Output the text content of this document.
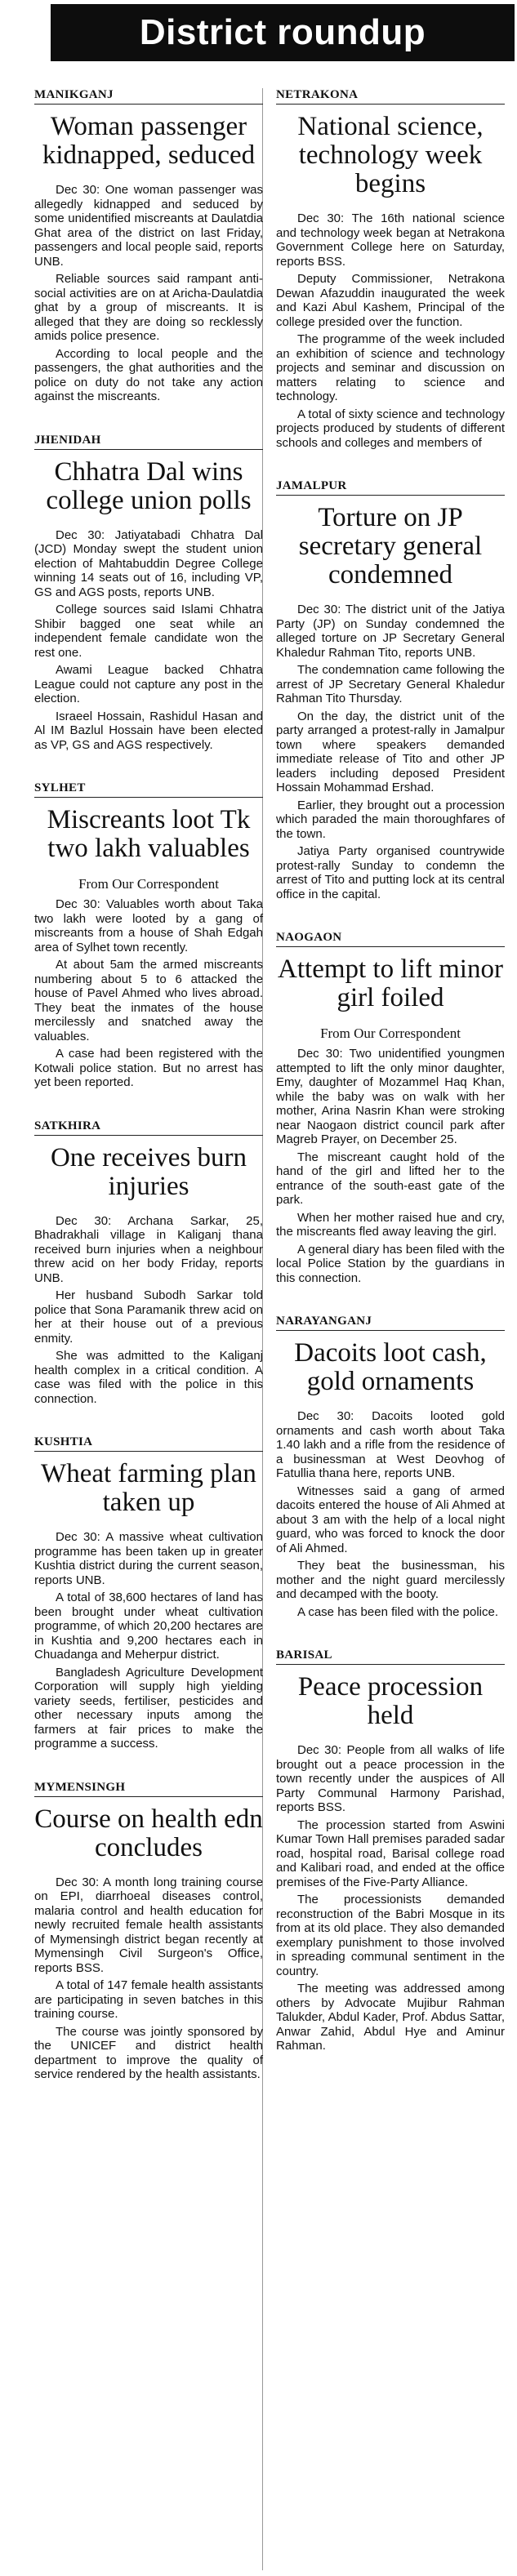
District roundup
MANIKGANJ
Woman passenger kidnapped, seduced

Dec 30: One woman passenger was allegedly kidnapped and seduced by some unidentified miscreants at Daulatdia Ghat area of the district on last Friday, passengers and local people said, reports UNB.

Reliable sources said rampant anti-social activities are on at Aricha-Daulatdia ghat by a group of miscreants. It is alleged that they are doing so recklessly amids police presence.

According to local people and the passengers, the ghat authorities and the police on duty do not take any action against the miscreants.

JHENIDAH
Chhatra Dal wins college union polls

Dec 30: Jatiyatabadi Chhatra Dal (JCD) Monday swept the student union election of Mahtabuddin Degree College winning 14 seats out of 16, including VP, GS and AGS posts, reports UNB.

College sources said Islami Chhatra Shibir bagged one seat while an independent female candidate won the rest one.

Awami League backed Chhatra League could not capture any post in the election.

Israeel Hossain, Rashidul Hasan and Al IM Bazlul Hossain have been elected as VP, GS and AGS respectively.

SYLHET
Miscreants loot Tk two lakh valuables
From Our Correspondent

Dec 30: Valuables worth about Taka two lakh were looted by a gang of miscreants from a house of Shah Edgah area of Sylhet town recently.

At about 5am the armed miscreants numbering about 5 to 6 attacked the house of Pavel Ahmed who lives abroad. They beat the inmates of the house mercilessly and snatched away the valuables.

A case had been registered with the Kotwali police station. But no arrest has yet been reported.

SATKHIRA
One receives burn injuries

Dec 30: Archana Sarkar, 25, Bhadrakhali village in Kaliganj thana received burn injuries when a neighbour threw acid on her body Friday, reports UNB.

Her husband Subodh Sarkar told police that Sona Paramanik threw acid on her at their house out of a previous enmity.

She was admitted to the Kaliganj health complex in a critical condition. A case was filed with the police in this connection.

KUSHTIA
Wheat farming plan taken up

Dec 30: A massive wheat cultivation programme has been taken up in greater Kushtia district during the current season, reports UNB.

A total of 38,600 hectares of land has been brought under wheat cultivation programme, of which 20,200 hectares are in Kushtia and 9,200 hectares each in Chuadanga and Meherpur district.

Bangladesh Agriculture Development Corporation will supply high yielding variety seeds, fertiliser, pesticides and other necessary inputs among the farmers at fair prices to make the programme a success.

MYMENSINGH
Course on health edn concludes

Dec 30: A month long training course on EPI, diarrhoeal diseases control, malaria control and health education for newly recruited female health assistants of Mymensingh district began recently at Mymensingh Civil Surgeon's Office, reports BSS.

A total of 147 female health assistants are participating in seven batches in this training course.

The course was jointly sponsored by the UNICEF and district health department to improve the quality of service rendered by the health assistants.

NETRAKONA
National science, technology week begins

Dec 30: The 16th national science and technology week began at Netrakona Government College here on Saturday, reports BSS.

Deputy Commissioner, Netrakona Dewan Afazuddin inaugurated the week and Kazi Abul Kashem, Principal of the college presided over the function.

The programme of the week included an exhibition of science and technology projects and seminar and discussion on matters relating to science and technology.

A total of sixty science and technology projects produced by students of different schools and colleges and members of

JAMALPUR
Torture on JP secretary general condemned

Dec 30: The district unit of the Jatiya Party (JP) on Sunday condemned the alleged torture on JP Secretary General Khaledur Rahman Tito, reports UNB.

The condemnation came following the arrest of JP Secretary General Khaledur Rahman Tito Thursday.

On the day, the district unit of the party arranged a protest-rally in Jamalpur town where speakers demanded immediate release of Tito and other JP leaders including deposed President Hossain Mohammad Ershad.

Earlier, they brought out a procession which paraded the main thoroughfares of the town.

Jatiya Party organised countrywide protest-rally Sunday to condemn the arrest of Tito and putting lock at its central office in the capital.

NAOGAON
Attempt to lift minor girl foiled
From Our Correspondent

Dec 30: Two unidentified youngmen attempted to lift the only minor daughter, Emy, daughter of Mozammel Haq Khan, while the baby was on walk with her mother, Arina Nasrin Khan were stroking near Naogaon district council park after Magreb Prayer, on December 25.

The miscreant caught hold of the hand of the girl and lifted her to the entrance of the south-east gate of the park.

When her mother raised hue and cry, the miscreants fled away leaving the girl.

A general diary has been filed with the local Police Station by the guardians in this connection.

NARAYANGANJ
Dacoits loot cash, gold ornaments

Dec 30: Dacoits looted gold ornaments and cash worth about Taka 1.40 lakh and a rifle from the residence of a businessman at West Deovhog of Fatullia thana here, reports UNB.

Witnesses said a gang of armed dacoits entered the house of Ali Ahmed at about 3 am with the help of a local night guard, who was forced to knock the door of Ali Ahmed.

They beat the businessman, his mother and the night guard mercilessly and decamped with the booty.

A case has been filed with the police.

BARISAL
Peace procession held

Dec 30: People from all walks of life brought out a peace procession in the town recently under the auspices of All Party Communal Harmony Parishad, reports BSS.

The procession started from Aswini Kumar Town Hall premises paraded sadar road, hospital road, Barisal college road and Kalibari road, and ended at the office premises of the Five-Party Alliance.

The processionists demanded reconstruction of the Babri Mosque in its from at its old place. They also demanded exemplary punishment to those involved in spreading communal sentiment in the country.

The meeting was addressed among others by Advocate Mujibur Rahman Talukder, Abdul Kader, Prof. Abdus Sattar, Anwar Zahid, Abdul Hye and Aminur Rahman.
